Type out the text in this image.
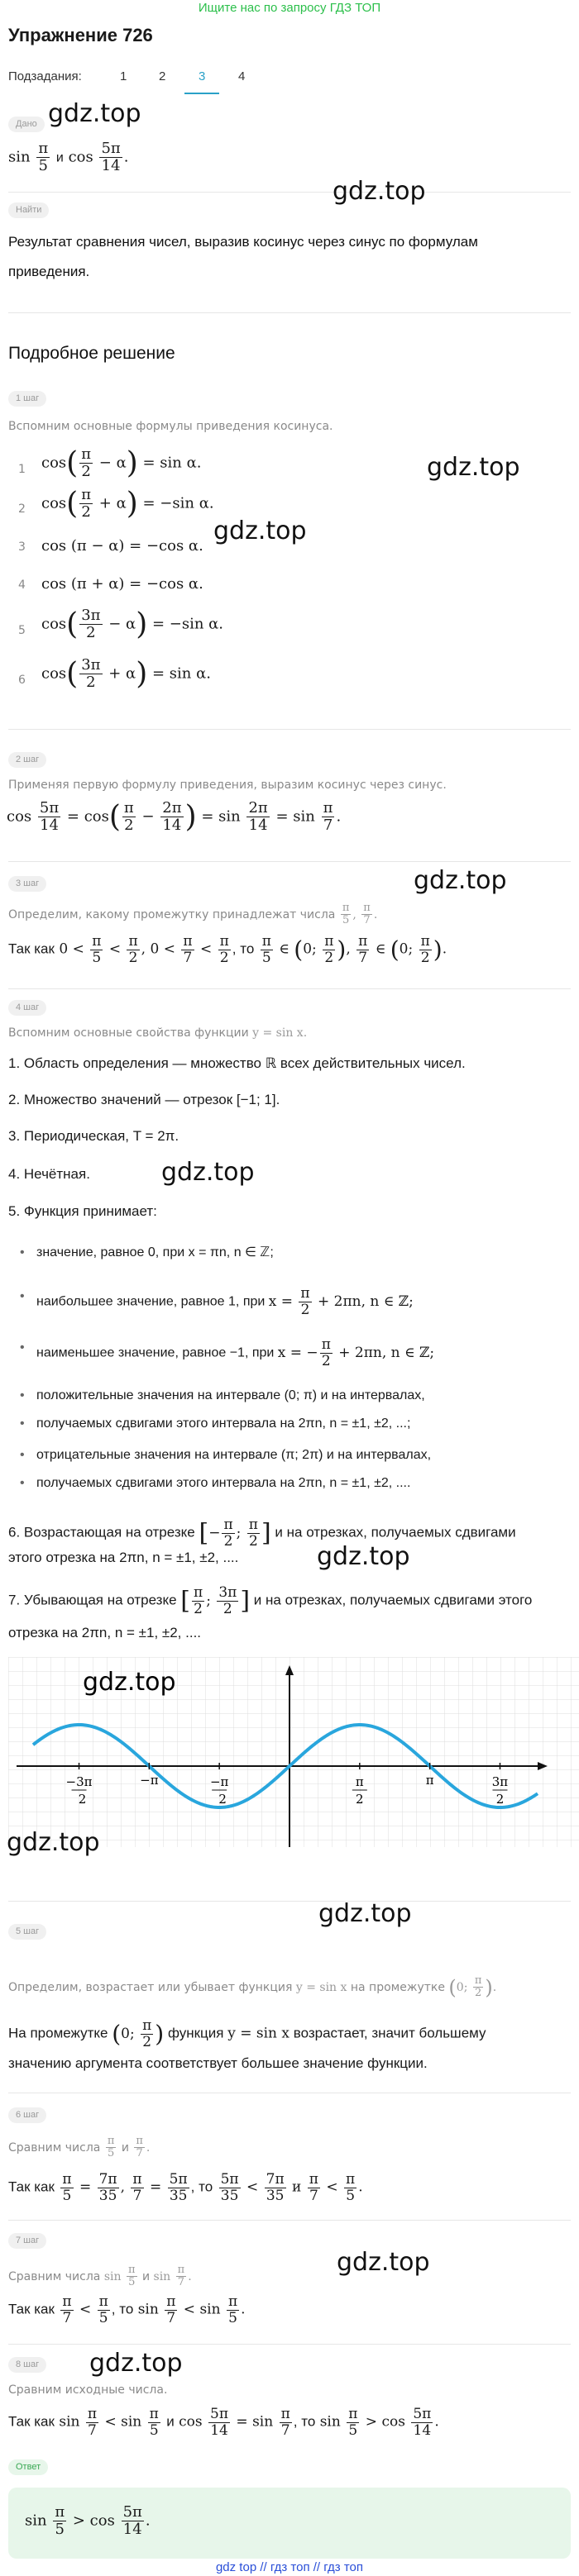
Ищите нас по запросу ГДЗ ТОП
Упражнение 726
Подзадания:	1	2	3	4
Дано gdz.top
$\sin \frac{\pi}{5}$ и $\cos \frac{5\pi}{14}$ .
Найти
gdz.top
Результат сравнения чисел, выразив косинус через синус по формулам
приведения.
Подробное решение
1 шаг
Вспомним основные формулы приведения косинуса.
1 $\cos( \frac{\pi}{2} - \alpha) = \sin \alpha$.	gdz.top
2 $\cos( \frac{\pi}{2} + \alpha) = -\sin$ α.
gdz.top
3 cos (π − α) = −cos α.
4 cos (π + α) = −cos α.
5 $\cos( \frac{3\pi}{2} - \alpha) = -\sin$ α.
6 $\cos( \frac{3\pi}{2} + \alpha) = \sin \alpha$.
2 шаг
Применяя первую формулу приведения, выразим косинус через синус.
$\cos \frac{5\pi}{14} = \cos( \frac{\pi}{2} - \frac{2\pi}{14}$ ) = $\sin \frac{2\pi}{14} = \sin \frac{\pi}{7}$ .
3 шаг	gdz.top
Определим, какому промежутку принадлежат числа $\frac{\pi}{5}$ , $\frac{\pi}{7}$ .
Так как $0 < \frac{\pi}{5} < \frac{\pi}{2}$ , $0 < \frac{\pi}{7} < \frac{\pi}{2}$ , то $\frac{\pi}{5}$ ∈ (0; $\frac{\pi}{2}$ ), $\frac{\pi}{7}$ ∈ (0; $\frac{\pi}{2}$ ).
4 шаг
Вспомним основные свойства функции y = sin x.
1. Область определения — множество ℝ всех действительных чисел.
2. Множество значений — отрезок [−1; 1].
3. Периодическая, T = 2π.
4. Нечётная.	gdz.top
5. Функция принимает:
• значение, равное 0, при x = πn, n ∈ ℤ;
• наибольшее значение, равное 1, при $x = \frac{\pi}{2} + 2\pi n$, n ∈ ℤ;
• наименьшее значение, равное −1, при x = − $\frac{\pi}{2} + 2\pi n$, n ∈ ℤ;
• положительные значения на интервале (0; π) и на интервалах,
• получаемых сдвигами этого интервала на 2πn, n = ±1, ±2, ...;
• отрицательные значения на интервале (π; 2π) и на интервалах,
• получаемых сдвигами этого интервала на 2πn, n = ±1, ±2, ....
6. Возрастающая на отрезке [− $\frac{\pi}{2}$ ; $\frac{\pi}{2}$ ] и на отрезках, получаемых сдвигами
этого отрезка на 2πn, n = ±1, ±2, ....	gdz.top
7. Убывающая на отрезке [ $\frac{\pi}{2}$ ; $\frac{3\pi}{2}$ ] и на отрезках, получаемых сдвигами этого
отрезка на 2πn, n = ±1, ±2, ....
−3π
2
−π	−π
2
π
2
π	3π
2
gdz.top
gdz.top
gdz.top
5 шаг
Определим, возрастает или убывает функция y = sin x на промежутке (0; $\frac{\pi}{2}$ ).
На промежутке (0; $\frac{\pi}{2}$ ) функция y = sin x возрастает, значит большему
значению аргумента соответствует большее значение функции.
6 шаг
Сравним числа $\frac{\pi}{5}$ и $\frac{\pi}{7}$ .
Так как $\frac{\pi}{5} = \frac{7\pi}{35}$ , $\frac{\pi}{7} = \frac{5\pi}{35}$ , то $\frac{5\pi}{35} < \frac{7\pi}{35}$ и $\frac{\pi}{7} < \frac{\pi}{5}$ .
7 шаг
gdz.top
Сравним числа $\sin \frac{\pi}{5}$ и $\sin \frac{\pi}{7}$ .
Так как $\frac{\pi}{7} < \frac{\pi}{5}$ , то $\sin \frac{\pi}{7} < \sin \frac{\pi}{5}$ .
gdz.top
8 шаг
Сравним исходные числа.
Так как $\sin \frac{\pi}{7} < \sin \frac{\pi}{5}$ и $\cos \frac{5\pi}{14} = \sin \frac{\pi}{7}$ , то $\sin \frac{\pi}{5} > \cos \frac{5\pi}{14}$ .
Ответ
$\sin \frac{\pi}{5} > \cos \frac{5\pi}{14}$ .
gdz top // гдз топ // гдз топ
